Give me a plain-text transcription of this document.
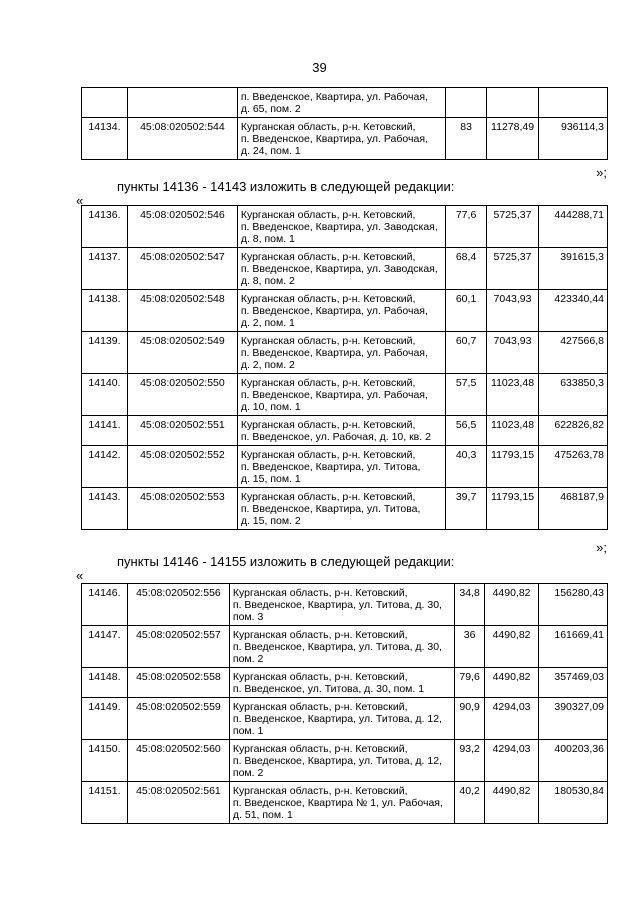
39

		п. Введенское, Квартира, ул. Рабочая,
д. 65, пом. 2			

14134.	45:08:020502:544	Курганская область, р-н. Кетовский,
п. Введенское, Квартира, ул. Рабочая,
д. 24, пом. 1	83	11278,49	936114,3
»;
пункты 14136 - 14143 изложить в следующей редакции:
«
14136.	45:08:020502:546	Курганская область, р-н. Кетовский,
п. Введенское, Квартира, ул. Заводская,
д. 8, пом. 1	77,6	5725,37	444288,71
14137.	45:08:020502:547	Курганская область, р-н. Кетовский,
п. Введенское, Квартира, ул. Заводская,
д. 8, пом. 2	68,4	5725,37	391615,3
14138.	45:08:020502:548	Курганская область, р-н. Кетовский,
п. Введенское, Квартира, ул. Рабочая,
д. 2, пом. 1	60,1	7043,93	423340,44
14139.	45:08:020502:549	Курганская область, р-н. Кетовский,
п. Введенское, Квартира, ул. Рабочая,
д. 2, пом. 2	60,7	7043,93	427566,8
14140.	45:08:020502:550	Курганская область, р-н. Кетовский,
п. Введенское, Квартира, ул. Рабочая,
д. 10, пом. 1	57,5	11023,48	633850,3
14141.	45:08:020502:551	Курганская область, р-н. Кетовский,
п. Введенское, ул. Рабочая, д. 10, кв. 2	56,5	11023,48	622826,82
14142.	45:08:020502:552	Курганская область, р-н. Кетовский,
п. Введенское, Квартира, ул. Титова,
д. 15, пом. 1	40,3	11793,15	475263,78
14143.	45:08:020502:553	Курганская область, р-н. Кетовский,
п. Введенское, Квартира, ул. Титова,
д. 15, пом. 2	39,7	11793,15	468187,9
»;
пункты 14146 - 14155 изложить в следующей редакции:
«
14146.	45:08:020502:556	Курганская область, р-н. Кетовский,
п. Введенское, Квартира, ул. Титова, д. 30,
пом. 3	34,8	4490,82	156280,43
14147.	45:08:020502:557	Курганская область, р-н. Кетовский,
п. Введенское, Квартира, ул. Титова, д. 30,
пом. 2	36	4490,82	161669,41
14148.	45:08:020502:558	Курганская область, р-н. Кетовский,
п. Введенское, ул. Титова, д. 30, пом. 1	79,6	4490,82	357469,03
14149.	45:08:020502:559	Курганская область, р-н. Кетовский,
п. Введенское, Квартира, ул. Титова, д. 12,
пом. 1	90,9	4294,03	390327,09
14150.	45:08:020502:560	Курганская область, р-н. Кетовский,
п. Введенское, Квартира, ул. Титова, д. 12,
пом. 2	93,2	4294,03	400203,36
14151.	45:08:020502:561	Курганская область, р-н. Кетовский,
п. Введенское, Квартира № 1, ул. Рабочая,
д. 51, пом. 1	40,2	4490,82	180530,84
